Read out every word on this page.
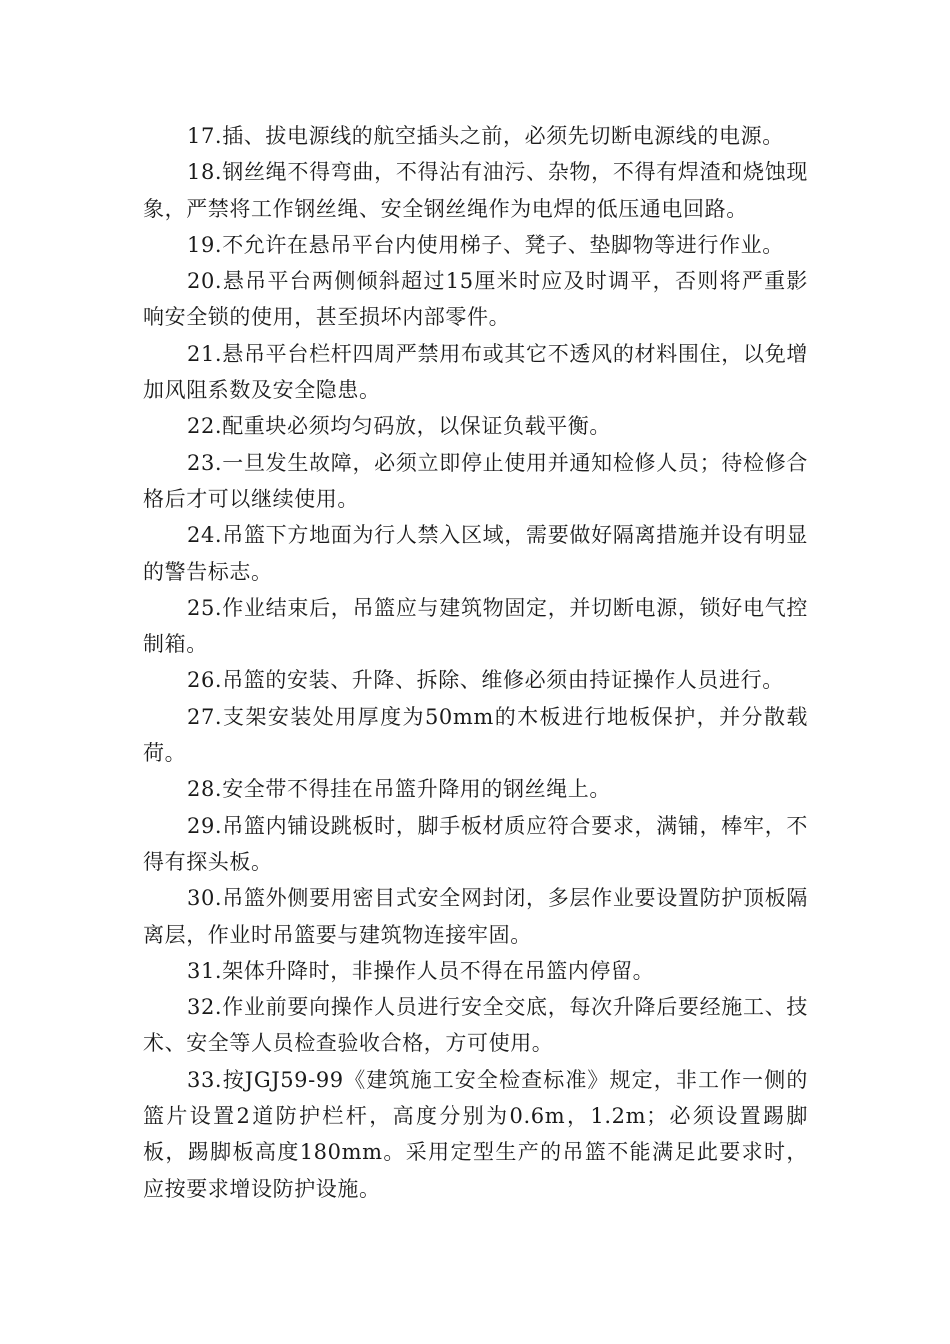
17.插、拔电源线的航空插头之前，必须先切断电源线的电源。

18.钢丝绳不得弯曲，不得沾有油污、杂物，不得有焊渣和烧蚀现象，严禁将工作钢丝绳、安全钢丝绳作为电焊的低压通电回路。

19.不允许在悬吊平台内使用梯子、凳子、垫脚物等进行作业。

20.悬吊平台两侧倾斜超过15厘米时应及时调平，否则将严重影响安全锁的使用，甚至损坏内部零件。

21.悬吊平台栏杆四周严禁用布或其它不透风的材料围住，以免增加风阻系数及安全隐患。

22.配重块必须均匀码放，以保证负载平衡。

23.一旦发生故障，必须立即停止使用并通知检修人员；待检修合格后才可以继续使用。

24.吊篮下方地面为行人禁入区域，需要做好隔离措施并设有明显的警告标志。

25.作业结束后，吊篮应与建筑物固定，并切断电源，锁好电气控制箱。

26.吊篮的安装、升降、拆除、维修必须由持证操作人员进行。

27.支架安装处用厚度为50mm的木板进行地板保护，并分散载荷。

28.安全带不得挂在吊篮升降用的钢丝绳上。

29.吊篮内铺设跳板时，脚手板材质应符合要求，满铺，棒牢，不得有探头板。

30.吊篮外侧要用密目式安全网封闭，多层作业要设置防护顶板隔离层，作业时吊篮要与建筑物连接牢固。

31.架体升降时，非操作人员不得在吊篮内停留。

32.作业前要向操作人员进行安全交底，每次升降后要经施工、技术、安全等人员检查验收合格，方可使用。

33.按JGJ59-99《建筑施工安全检查标准》规定，非工作一侧的篮片设置2道防护栏杆，高度分别为0.6m，1.2m；必须设置踢脚板，踢脚板高度180mm。采用定型生产的吊篮不能满足此要求时，应按要求增设防护设施。
